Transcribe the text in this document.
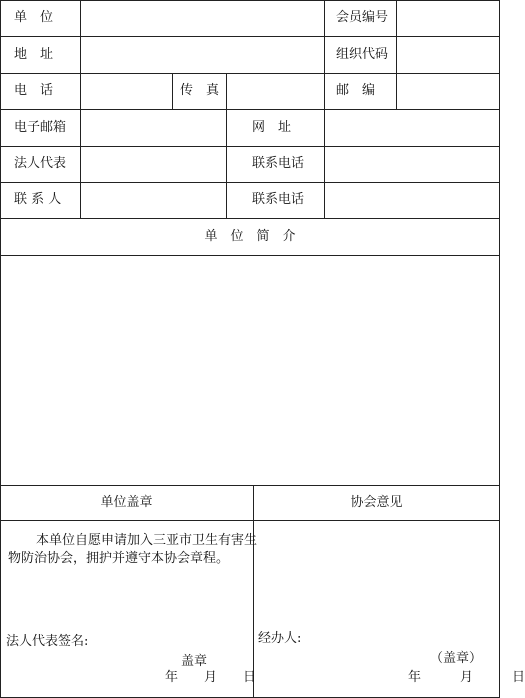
单　位	会员编号
地　址	组织代码
电　话	传　真	邮　编
电子邮箱	网　址
法人代表	联系电话
联 系 人	联系电话
单　位　简　介
单位盖章	协会意见
本单位自愿申请加入三亚市卫生有害生
物防治协会，拥护并遵守本协会章程。
法人代表签名:
盖章
年　　月　　日
经办人:
（盖章）
年　　　月　　　日
